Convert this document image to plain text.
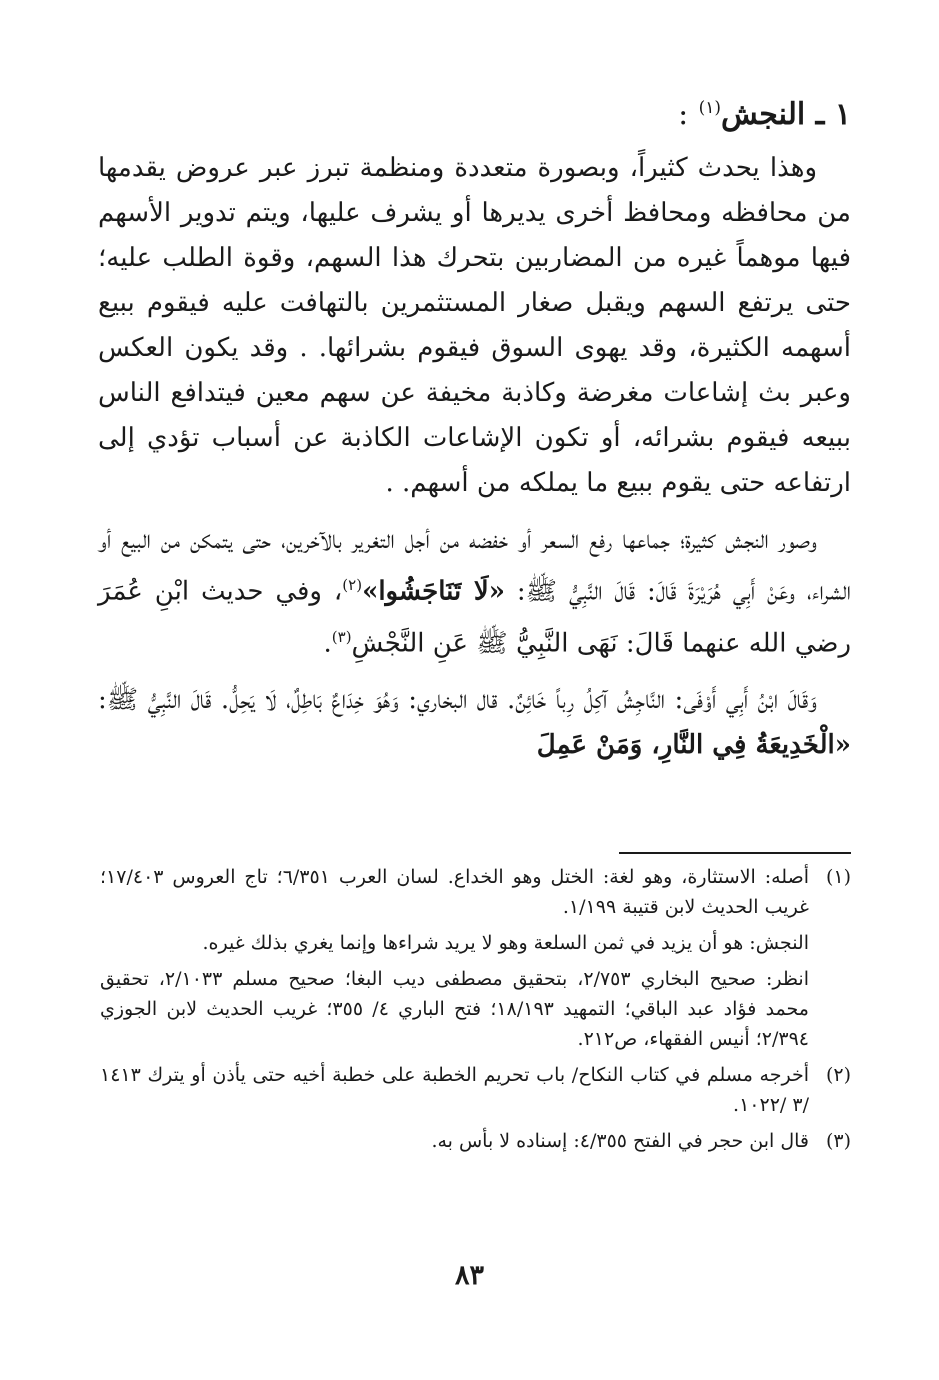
١ ـ النجش$^{(١)}$ :

وهذا يحدث كثيراً، وبصورة متعددة ومنظمة تبرز عبر عروض يقدمها من محافظه ومحافظ أخرى يديرها أو يشرف عليها، ويتم تدوير الأسهم فيها موهماً غيره من المضاربين بتحرك هذا السهم، وقوة الطلب عليه؛ حتى يرتفع السهم ويقبل صغار المستثمرين بالتهافت عليه فيقوم ببيع أسهمه الكثيرة، وقد يهوى السوق فيقوم بشرائها. . وقد يكون العكس وعبر بث إشاعات مغرضة وكاذبة مخيفة عن سهم معين فيتدافع الناس ببيعه فيقوم بشرائه، أو تكون الإشاعات الكاذبة عن أسباب تؤدي إلى ارتفاعه حتى يقوم ببيع ما يملكه من أسهم. .

وصور النجش كثيرة؛ جماعها رفع السعر أو خفضه من أجل التغرير بالآخرين، حتى يتمكن من البيع أو الشراء، وعَنْ أَبِي هُرَيْرَةَ قَالَ: قَالَ النَّبِيُّ ﷺ: «لَا تَنَاجَشُوا»$^{(٢)}$، وفي حديث ابْنِ عُمَرَ رضي الله عنهما قَالَ: نَهَى النَّبِيُّ ﷺ عَنِ النَّجْشِ$^{(٣)}$.

وَقَالَ ابْنُ أَبِي أَوْفَى: النَّاجِشُ آكِلُ رِباً خَائِنٌ. قال البخاري: وَهُوَ خِدَاعٌ بَاطِلٌ، لَا يَحِلُّ. قَالَ النَّبِيُّ ﷺ: «الْخَدِيعَةُ فِي النَّارِ، وَمَنْ عَمِلَ

(١)
أصله: الاستثارة، وهو لغة: الختل وهو الخداع. لسان العرب ٦/٣٥١؛ تاج العروس ١٧/٤٠٣؛ غريب الحديث لابن قتيبة ١/١٩٩.
النجش: هو أن يزيد في ثمن السلعة وهو لا يريد شراءها وإنما يغري بذلك غيره.
انظر: صحيح البخاري ٢/٧٥٣، بتحقيق مصطفى ديب البغا؛ صحيح مسلم ٢/١٠٣٣، تحقيق محمد فؤاد عبد الباقي؛ التمهيد ١٨/١٩٣؛ فتح الباري ٤/ ٣٥٥؛ غريب الحديث لابن الجوزي ٢/٣٩٤؛ أنيس الفقهاء، ص٢١٢.
(٢)
أخرجه مسلم في كتاب النكاح/ باب تحريم الخطبة على خطبة أخيه حتى يأذن أو يترك ١٤١٣ /٣ /١٠٢٢.
(٣)
قال ابن حجر في الفتح ٤/٣٥٥: إسناده لا بأس به.
٨٣
